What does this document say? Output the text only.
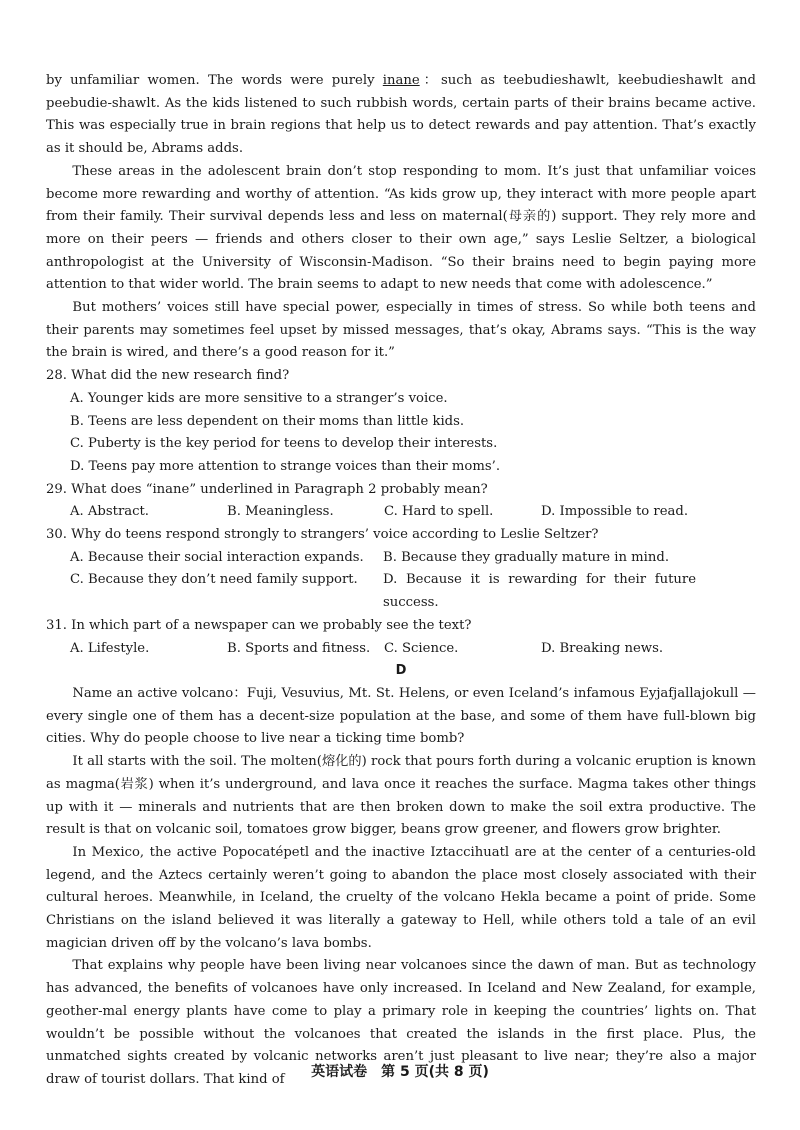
by unfamiliar women. The words were purely inane：such as teebudieshawlt, keebudieshawlt and peebudie-shawlt. As the kids listened to such rubbish words, certain parts of their brains became active. This was especially true in brain regions that help us to detect rewards and pay attention. That’s exactly as it should be, Abrams adds.

These areas in the adolescent brain don’t stop responding to mom. It’s just that unfamiliar voices become more rewarding and worthy of attention. “As kids grow up, they interact with more people apart from their family. Their survival depends less and less on maternal(母亲的) support. They rely more and more on their peers — friends and others closer to their own age,” says Leslie Seltzer, a biological anthropologist at the University of Wisconsin-Madison. “So their brains need to begin paying more attention to that wider world. The brain seems to adapt to new needs that come with adolescence.”

But mothers’ voices still have special power, especially in times of stress. So while both teens and their parents may sometimes feel upset by missed messages, that’s okay, Abrams says. “This is the way the brain is wired, and there’s a good reason for it.”

28. What did the new research find?

A. Younger kids are more sensitive to a stranger’s voice.

B. Teens are less dependent on their moms than little kids.

C. Puberty is the key period for teens to develop their interests.

D. Teens pay more attention to strange voices than their moms’.

29. What does “inane” underlined in Paragraph 2 probably mean?

A. Abstract.	B. Meaningless.	C. Hard to spell.	D. Impossible to read.

30. Why do teens respond strongly to strangers’ voice according to Leslie Seltzer?

A. Because their social interaction expands.	B. Because they gradually mature in mind.
C. Because they don’t need family support.	D. Because it is rewarding for their future success.

31. In which part of a newspaper can we probably see the text?

A. Lifestyle.	B. Sports and fitness.	C. Science.	D. Breaking news.

D

Name an active volcano：Fuji, Vesuvius, Mt. St. Helens, or even Iceland’s infamous Eyjafjallajokull — every single one of them has a decent-size population at the base, and some of them have full-blown big cities. Why do people choose to live near a ticking time bomb?

It all starts with the soil. The molten(熔化的) rock that pours forth during a volcanic eruption is known as magma(岩浆) when it’s underground, and lava once it reaches the surface. Magma takes other things up with it — minerals and nutrients that are then broken down to make the soil extra productive. The result is that on volcanic soil, tomatoes grow bigger, beans grow greener, and flowers grow brighter.

In Mexico, the active Popocatépetl and the inactive Iztaccihuatl are at the center of a centuries-old legend, and the Aztecs certainly weren’t going to abandon the place most closely associated with their cultural heroes. Meanwhile, in Iceland, the cruelty of the volcano Hekla became a point of pride. Some Christians on the island believed it was literally a gateway to Hell, while others told a tale of an evil magician driven off by the volcano’s lava bombs.

That explains why people have been living near volcanoes since the dawn of man. But as technology has advanced, the benefits of volcanoes have only increased. In Iceland and New Zealand, for example, geother-mal energy plants have come to play a primary role in keeping the countries’ lights on. That wouldn’t be possible without the volcanoes that created the islands in the first place. Plus, the unmatched sights created by volcanic networks aren’t just pleasant to live near; they’re also a major draw of tourist dollars. That kind of	英语试卷　第 5 页(共 8 页)
